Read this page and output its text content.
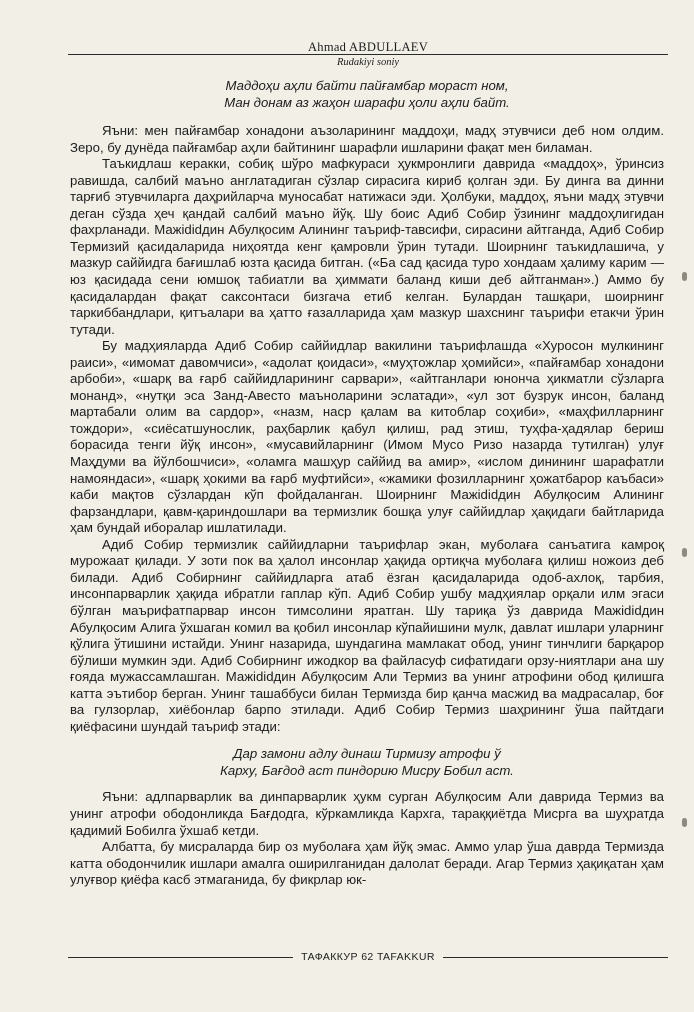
Ahmad ABDULLAEV
Rudakiyi soniy
Маддоҳи аҳли байти пайғамбар мораст ном,
Ман донам аз жаҳон шарафи ҳоли аҳли байт.

Яъни: мен пайғамбар хонадони аъзоларининг маддоҳи, мадҳ этувчиси деб ном олдим. Зеро, бу дунёда пайғамбар аҳли байтининг шарафли ишларини фақат мен биламан.

Таъкидлаш керакки, собиқ шўро мафкураси ҳукмронлиги даврида «маддоҳ», ўринсиз равишда, салбий маъно англатадиган сўзлар сирасига кириб қолган эди. Бу динга ва динни тарғиб этувчиларга даҳрийларча муносабат натижаси эди. Ҳолбуки, маддоҳ, яъни мадҳ этувчи деган сўзда ҳеч қандай салбий маъно йўқ. Шу боис Адиб Собир ўзининг маддоҳлигидан фахрланади. Мажididдин Абулқосим Алининг таъриф-тавсифи, сирасини айтганда, Адиб Собир Термизий қасидаларида ниҳоятда кенг қамровли ўрин тутади. Шоирнинг таъкидлашича, у мазкур саййидга бағишлаб юзта қасида битган. («Ба сад қасида туро хондаам ҳалиму карим — юз қасидада сени юмшоқ табиатли ва ҳиммати баланд киши деб айтганман».) Аммо бу қасидалардан фақат саксонтаси бизгача етиб келган. Булардан ташқари, шоирнинг таркиббандлари, қитъалари ва ҳатто ғазалларида ҳам мазкур шахснинг таърифи етакчи ўрин тутади.

Бу мадҳияларда Адиб Собир саййидлар вакилини таърифлашда «Хуросон мулкининг раиси», «имомат давомчиси», «адолат қоидаси», «муҳтожлар ҳомийси», «пайғамбар хонадони арбоби», «шарқ ва ғарб саййидларининг сарвари», «айтганлари юнонча ҳикматли сўзларга монанд», «нутқи эса Занд-Авесто маъноларини эслатади», «ул зот бузрук инсон, баланд мартабали олим ва сардор», «назм, наср қалам ва китоблар соҳиби», «маҳфилларнинг тождори», «сиёсатшунослик, раҳбарлик қабул қилиш, рад этиш, туҳфа-ҳадялар бериш борасида тенги йўқ инсон», «мусавийларнинг (Имом Мусо Ризо назарда тутилган) улуғ Маҳдуми ва йўлбошчиси», «оламга машҳур саййид ва амир», «ислом динининг шарафатли намояндаси», «шарқ ҳокими ва ғарб муфтийси», «жамики фозилларнинг ҳожатбарор каъбаси» каби мақтов сўзлардан кўп фойдаланган. Шоирнинг Мажididдин Абулқосим Алининг фарзандлари, қавм-қариндошлари ва термизлик бошқа улуғ саййидлар ҳақидаги байтларида ҳам бундай иборалар ишлатилади.

Адиб Собир термизлик саййидларни таърифлар экан, муболаға санъатига камроқ мурожаат қилади. У зоти пок ва ҳалол инсонлар ҳақида ортиқча муболаға қилиш ножоиз деб билади. Адиб Собирнинг саййидларга атаб ёзган қасидаларида одоб-ахлоқ, тарбия, инсонпарварлик ҳақида ибратли гаплар кўп. Адиб Собир ушбу мадҳиялар орқали илм эгаси бўлган маърифатпарвар инсон тимсолини яратган. Шу тариқа ўз даврида Мажididдин Абулқосим Алига ўхшаган комил ва қобил инсонлар кўпайишини мулк, давлат ишлари уларнинг қўлига ўтишини истайди. Унинг назарида, шундагина мамлакат обод, унинг тинчлиги барқарор бўлиши мумкин эди. Адиб Собирнинг ижодкор ва файласуф сифатидаги орзу-ниятлари ана шу ғояда мужассамлашган. Мажididдин Абулқосим Али Термиз ва унинг атрофини обод қилишга катта эътибор берган. Унинг ташаббуси билан Термизда бир қанча масжид ва мадрасалар, боғ ва гулзорлар, хиёбонлар барпо этилади. Адиб Собир Термиз шаҳрининг ўша пайтдаги қиёфасини шундай таъриф этади:

Дар замони адлу динаш Тирмизу атрофи ў
Карху, Бағдод аст пиндорию Мисру Бобил аст.

Яъни: адлпарварлик ва динпарварлик ҳукм сурган Абулқосим Али даврида Термиз ва унинг атрофи ободонликда Бағдодга, кўркамликда Кархга, тараққиётда Мисрга ва шуҳратда қадимий Бобилга ўхшаб кетди.

Албатта, бу мисраларда бир оз муболаға ҳам йўқ эмас. Аммо улар ўша даврда Термизда катта ободончилик ишлари амалга оширилганидан далолат беради. Агар Термиз ҳақиқатан ҳам улуғвор қиёфа касб этмаганида, бу фикрлар юк-

ТАФАККУР 62 TAFAKKUR
